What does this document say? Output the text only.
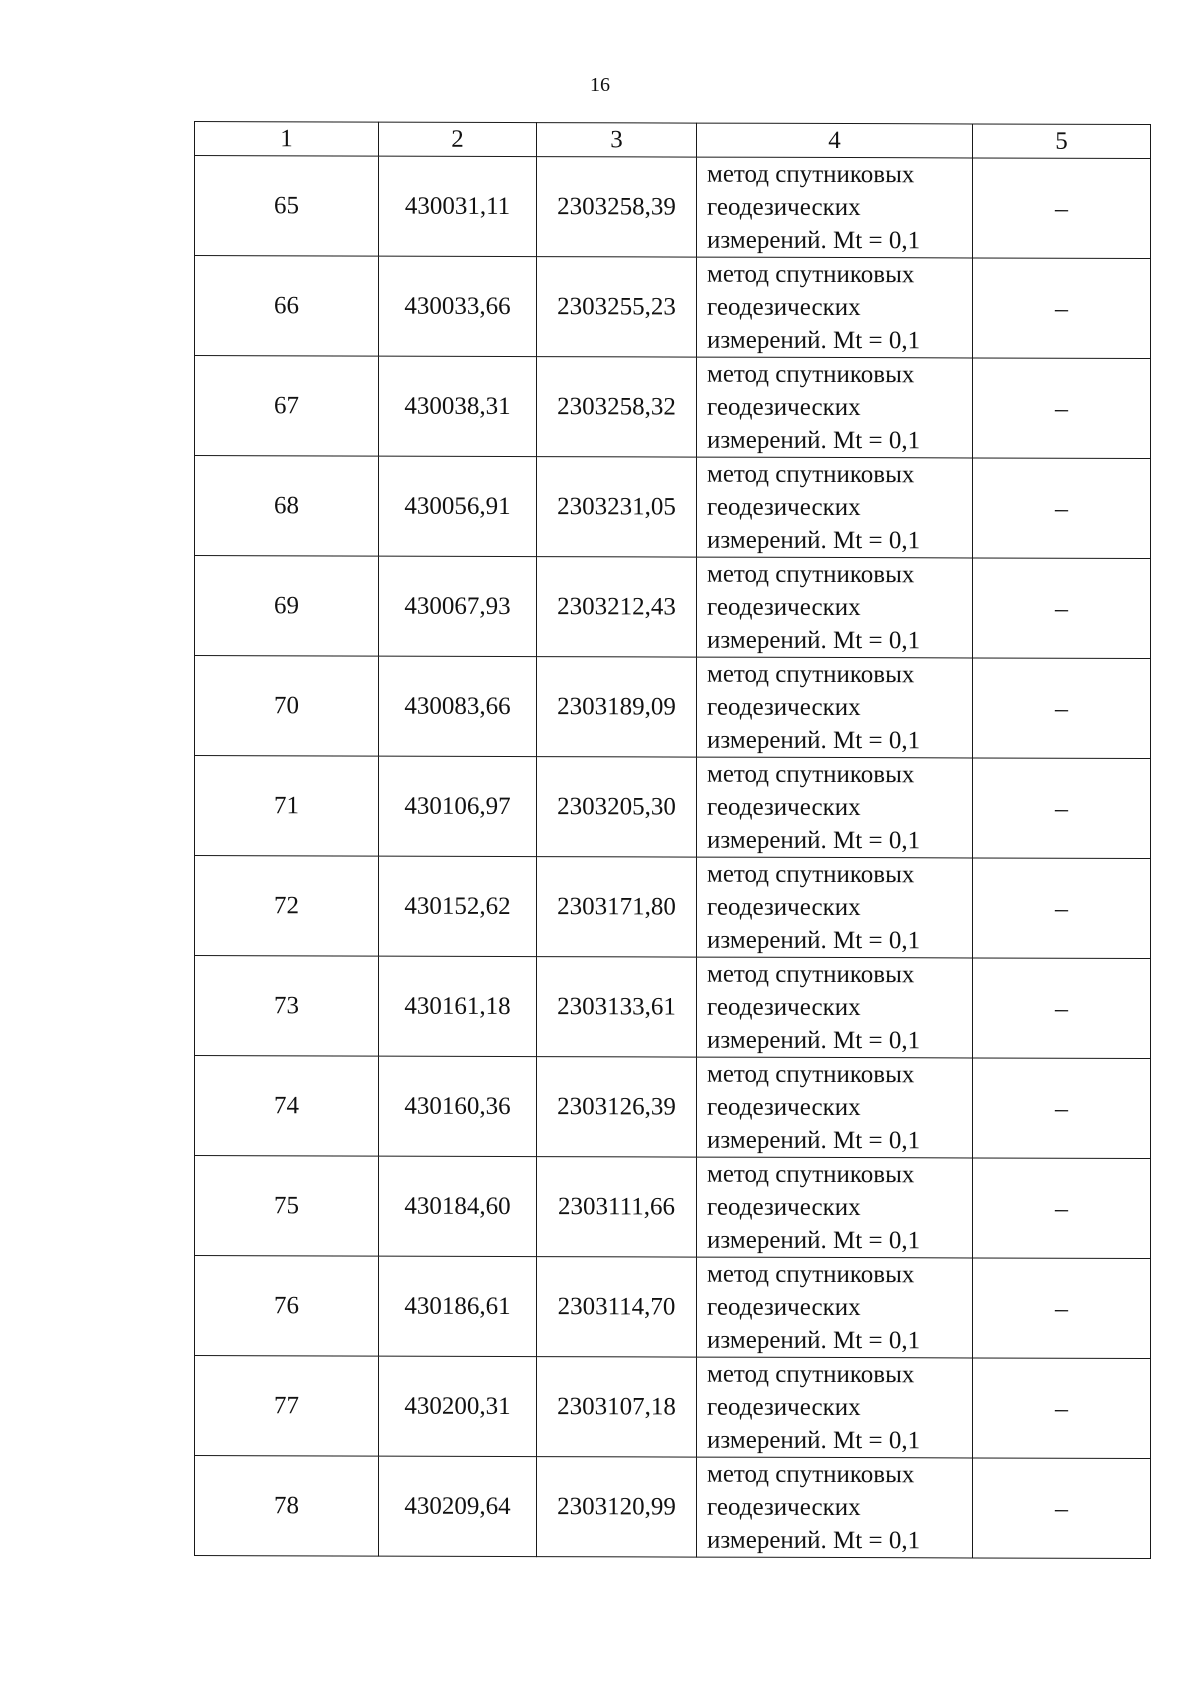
16
1	2	3	4	5
65	430031,11	2303258,39	метод спутниковых
геодезических
измерений. Mt = 0,1	–
66	430033,66	2303255,23	метод спутниковых
геодезических
измерений. Mt = 0,1	–
67	430038,31	2303258,32	метод спутниковых
геодезических
измерений. Mt = 0,1	–
68	430056,91	2303231,05	метод спутниковых
геодезических
измерений. Mt = 0,1	–
69	430067,93	2303212,43	метод спутниковых
геодезических
измерений. Mt = 0,1	–
70	430083,66	2303189,09	метод спутниковых
геодезических
измерений. Mt = 0,1	–
71	430106,97	2303205,30	метод спутниковых
геодезических
измерений. Mt = 0,1	–
72	430152,62	2303171,80	метод спутниковых
геодезических
измерений. Mt = 0,1	–
73	430161,18	2303133,61	метод спутниковых
геодезических
измерений. Mt = 0,1	–
74	430160,36	2303126,39	метод спутниковых
геодезических
измерений. Mt = 0,1	–
75	430184,60	2303111,66	метод спутниковых
геодезических
измерений. Mt = 0,1	–
76	430186,61	2303114,70	метод спутниковых
геодезических
измерений. Mt = 0,1	–
77	430200,31	2303107,18	метод спутниковых
геодезических
измерений. Mt = 0,1	–
78	430209,64	2303120,99	метод спутниковых
геодезических
измерений. Mt = 0,1	–
